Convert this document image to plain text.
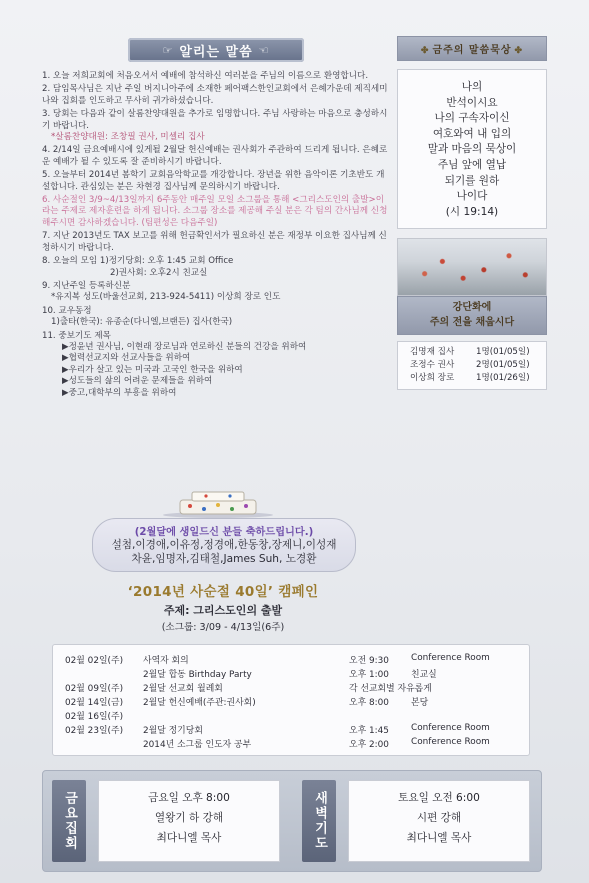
☞ 알리는 말씀 ☜
1. 오늘 저희교회에 처음오셔서 예배에 참석하신 여러분을 주님의 이름으로 환영합니다.
2. 담임목사님은 지난 주일 버지니아주에 소재한 페어팩스한인교회에서 은혜가운데 제직세미나와 집회를 인도하고 무사히 귀가하셨습니다.
3. 당회는 다음과 같이 살롬찬양대원을 추가로 임명합니다. 주님 사랑하는 마음으로 충성하시기 바랍니다.
*살롬찬양대원: 조창필 권사, 미셀리 집사
4. 2/14일 금요예배시에 있게될 2월달 헌신예배는 권사회가 주관하여 드리게 됩니다. 은혜로운 예배가 될 수 있도록 잘 준비하시기 바랍니다.
5. 오늘부터 2014년 봄학기 교회음악학교를 개강합니다. 장년을 위한 음악이론 기초반도 개설합니다. 관심있는 분은 차현경 집사님께 문의하시기 바랍니다.
6. 사순절인 3/9~4/13일까지 6주동안 매주일 모일 소그룹을 통해 <그리스도인의 출발>이라는 주제로 제자훈련을 하게 됩니다. 소그룹 장소를 제공해 주실 분은 각 팀의 간사님께 신청해주시면 감사하겠습니다. (팀편성은 다음주일)
7. 지난 2013년도 TAX 보고를 위해 헌금확인서가 필요하신 분은 재정부 이요한 집사님께 신청하시기 바랍니다.
8. 오늘의 모임 1)정기당회: 오후 1:45 교회 Office
2)권사회: 오후2시 친교실
9. 지난주일 등록하신분
*유지복 성도(바울선교회, 213-924-5411) 이상희 장로 인도
10. 교우동정
1)출타(한국): 유종순(다니엘,브랜든) 집사(한국)
11. 중보기도 제목
▶정윤년 권사님, 이현래 장로님과 연로하신 분들의 건강을 위하여
▶협력선교지와 선교사들을 위하여
▶우리가 살고 있는 미국과 고국인 한국을 위하여
▶성도들의 삶의 어려운 문제들을 위하여
▶중고,대학부의 부흥을 위하여
✤ 금주의 말씀묵상 ✤
나의
반석이시요
나의 구속자이신
여호와여 내 입의
말과 마음의 묵상이
주님 앞에 열납
되기를 원하
나이다
(시 19:14)
강단화에
주의 전을 채웁시다
김명재 집사	1명(01/05일)
조정수 권사	2명(01/05일)
이상희 장로	1명(01/26일)
(2월달에 생일드신 분들 축하드립니다.)
설첨,이경애,이유정,정경애,한동창,장제니,이성재
차윤,임명자,김태철,James Suh, 노경환
‘2014년 사순절 40일’ 캠페인
주제: 그리스도인의 출발
(소그룹: 3/09 - 4/13일(6주)
02월 02일(주) 사역자 회의	오전 9:30 Conference Room
2월달 합동 Birthday Party	오후 1:00 친교실
02월 09일(주) 2월달 선교회 월례회	각 선교회별 자유롭게
02월 14일(금) 2월달 헌신예배(주관:권사회)	오후 8:00 본당
02월 16일(주)
02월 23일(주) 2월달 정기당회	오후 1:45 Conference Room
2014년 소그룹 인도자 공부	오후 2:00 Conference Room
금요집회	금요일 오후 8:00
열왕기 하 강해
최다니엘 목사	새벽기도	토요일 오전 6:00
시편 강해
최다니엘 목사
